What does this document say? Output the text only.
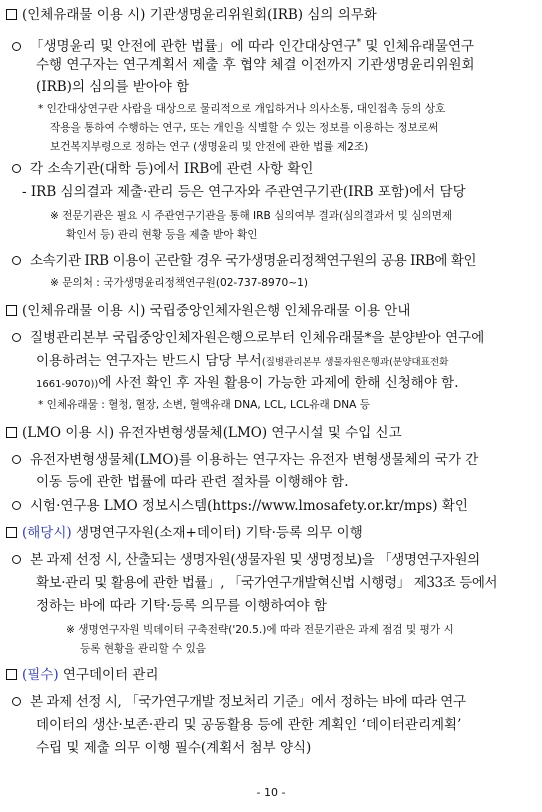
(인체유래물 이용 시) 기관생명윤리위원회(IRB) 심의 의무화
「생명윤리 및 안전에 관한 법률」에 따라 인간대상연구* 및 인체유래물연구
수행 연구자는 연구계획서 제출 후 협약 체결 이전까지 기관생명윤리위원회
(IRB)의 심의를 받아야 함
* 인간대상연구란 사람을 대상으로 물리적으로 개입하거나 의사소통, 대인접촉 등의 상호
작용을 통하여 수행하는 연구, 또는 개인을 식별할 수 있는 정보를 이용하는 정보로써
보건복지부령으로 정하는 연구 (생명윤리 및 안전에 관한 법률 제2조)
각 소속기관(대학 등)에서 IRB에 관련 사항 확인
- IRB 심의결과 제출·관리 등은 연구자와 주관연구기관(IRB 포함)에서 담당
※ 전문기관은 필요 시 주관연구기관을 통해 IRB 심의여부 결과(심의결과서 및 심의면제
확인서 등) 관리 현황 등을 제출 받아 확인
소속기관 IRB 이용이 곤란할 경우 국가생명윤리정책연구원의 공용 IRB에 확인
※ 문의처 : 국가생명윤리정책연구원(02-737-8970~1)
(인체유래물 이용 시) 국립중앙인체자원은행 인체유래물 이용 안내
질병관리본부 국립중앙인체자원은행으로부터 인체유래물*을 분양받아 연구에
이용하려는 연구자는 반드시 담당 부서(질병관리본부 생물자원은행과(분양대표전화
1661-9070))에 사전 확인 후 자원 활용이 가능한 과제에 한해 신청해야 함.
* 인체유래물 : 혈청, 혈장, 소변, 혈액유래 DNA, LCL, LCL유래 DNA 등
(LMO 이용 시) 유전자변형생물체(LMO) 연구시설 및 수입 신고
유전자변형생물체(LMO)를 이용하는 연구자는 유전자 변형생물체의 국가 간
이동 등에 관한 법률에 따라 관련 절차를 이행해야 함.
시험·연구용 LMO 정보시스템(https://www.lmosafety.or.kr/mps) 확인
(해당시) 생명연구자원(소재+데이터) 기탁·등록 의무 이행
본 과제 선정 시, 산출되는 생명자원(생물자원 및 생명정보)을 「생명연구자원의
확보·관리 및 활용에 관한 법률」, 「국가연구개발혁신법 시행령」 제33조 등에서
정하는 바에 따라 기탁·등록 의무를 이행하여야 함
※ 생명연구자원 빅데이터 구축전략('20.5.)에 따라 전문기관은 과제 점검 및 평가 시
등록 현황을 관리할 수 있음
(필수) 연구데이터 관리
본 과제 선정 시, 「국가연구개발 정보처리 기준」에서 정하는 바에 따라 연구
데이터의 생산·보존·관리 및 공동활용 등에 관한 계획인 ‘데이터관리계획’
수립 및 제출 의무 이행 필수(계획서 첨부 양식)
- 10 -
